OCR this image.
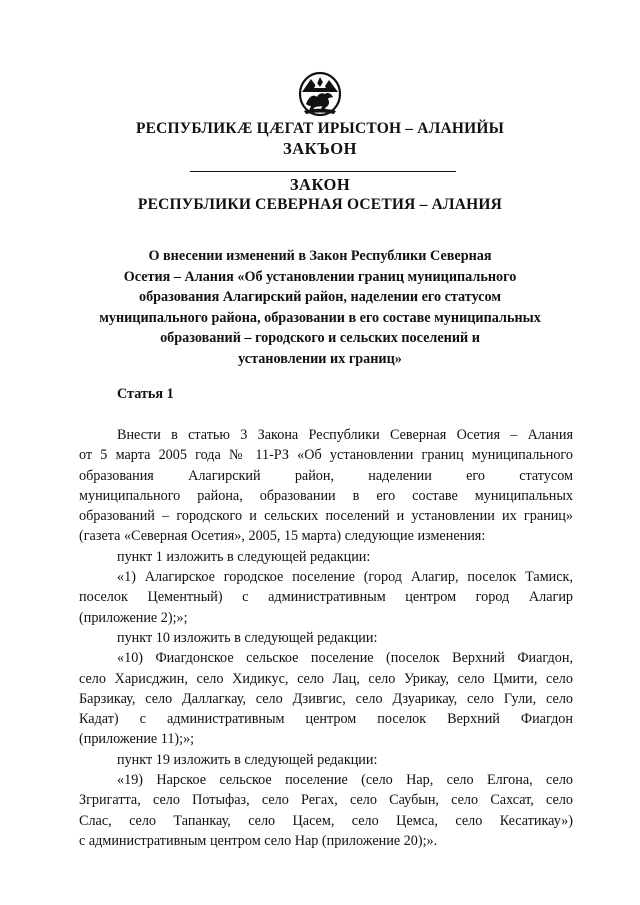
РЕСПУБЛИКÆ ЦÆГАТ ИРЫСТОН – АЛАНИЙЫ
ЗАКЪОН
ЗАКОН
РЕСПУБЛИКИ СЕВЕРНАЯ ОСЕТИЯ – АЛАНИЯ
О внесении изменений в Закон Республики Северная
Осетия – Алания «Об установлении границ муниципального
образования Алагирский район, наделении его статусом
муниципального района, образовании в его составе муниципальных
образований – городского и сельских поселений и
установлении их границ»
Статья 1
Внести в статью 3 Закона Республики Северная Осетия – Алания
от 5 марта 2005 года № 11-РЗ «Об установлении границ муниципального
образования Алагирский район, наделении его статусом
муниципального района, образовании в его составе муниципальных
образований – городского и сельских поселений и установлении их границ»
(газета «Северная Осетия», 2005, 15 марта) следующие изменения:
пункт 1 изложить в следующей редакции:
«1) Алагирское городское поселение (город Алагир, поселок Тамиск,
поселок Цементный) с административным центром город Алагир
(приложение 2);»;
пункт 10 изложить в следующей редакции:
«10) Фиагдонское сельское поселение (поселок Верхний Фиагдон,
село Харисджин, село Хидикус, село Лац, село Урикау, село Цмити, село
Барзикау, село Даллагкау, село Дзивгис, село Дзуарикау, село Гули, село
Кадат) с административным центром поселок Верхний Фиагдон
(приложение 11);»;
пункт 19 изложить в следующей редакции:
«19) Нарское сельское поселение (село Нар, село Елгона, село
Згригатта, село Потыфаз, село Регах, село Саубын, село Сахсат, село
Слас, село Тапанкау, село Цасем, село Цемса, село Кесатикау»)
с административным центром село Нар (приложение 20);».
